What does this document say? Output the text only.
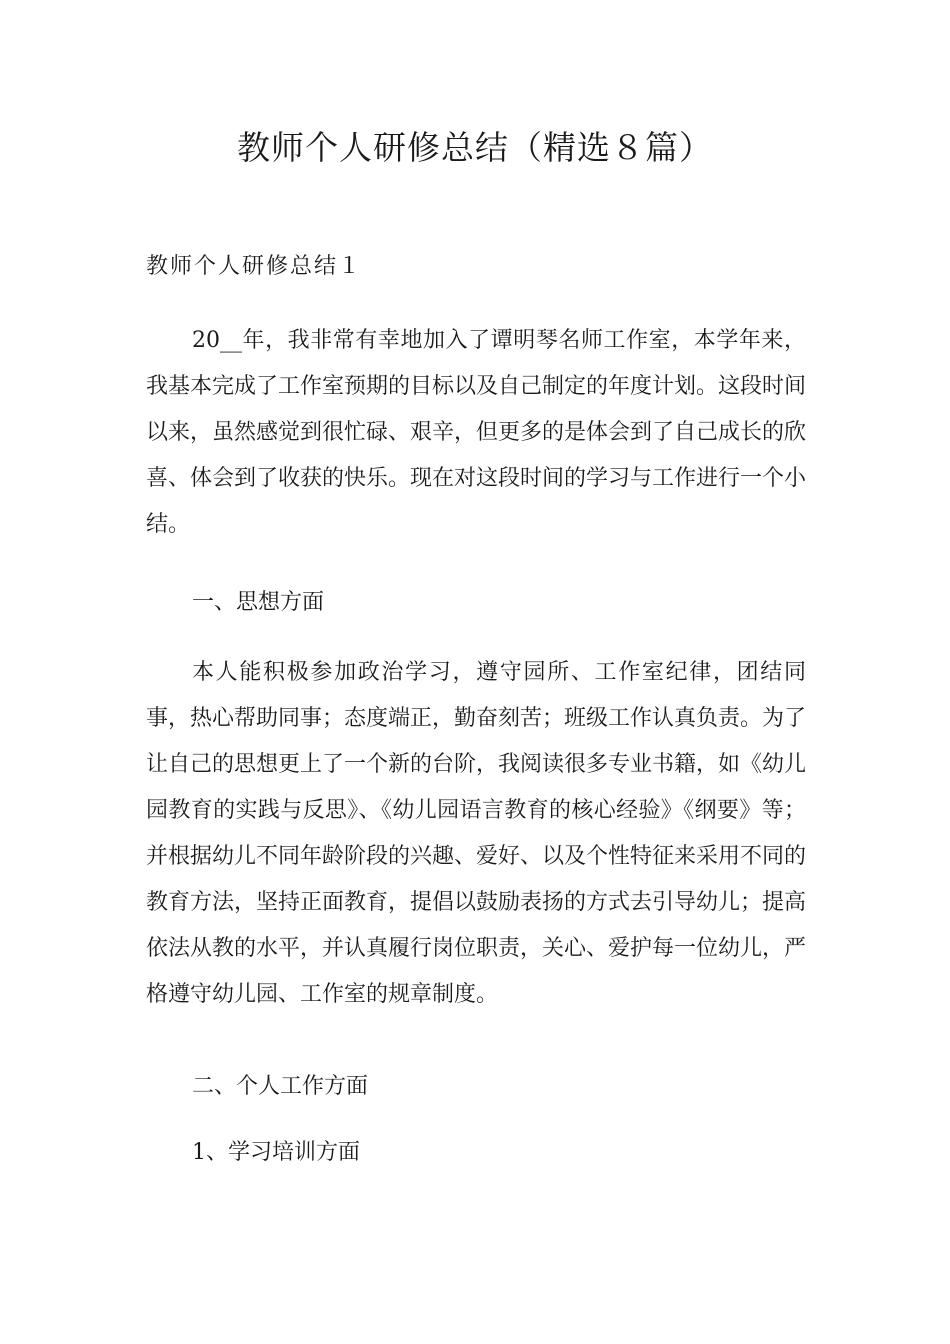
教师个人研修总结（精选８篇）
教师个人研修总结１

20__年，我非常有幸地加入了谭明琴名师工作室，本学年来，我基本完成了工作室预期的目标以及自己制定的年度计划。这段时间以来，虽然感觉到很忙碌、艰辛，但更多的是体会到了自己成长的欣喜、体会到了收获的快乐。现在对这段时间的学习与工作进行一个小结。

一、思想方面

本人能积极参加政治学习，遵守园所、工作室纪律，团结同事，热心帮助同事；态度端正，勤奋刻苦；班级工作认真负责。为了让自己的思想更上了一个新的台阶，我阅读很多专业书籍，如《幼儿园教育的实践与反思》、《幼儿园语言教育的核心经验》《纲要》等；并根据幼儿不同年龄阶段的兴趣、爱好、以及个性特征来采用不同的教育方法，坚持正面教育，提倡以鼓励表扬的方式去引导幼儿；提高依法从教的水平，并认真履行岗位职责，关心、爱护每一位幼儿，严格遵守幼儿园、工作室的规章制度。

二、个人工作方面
1、学习培训方面
